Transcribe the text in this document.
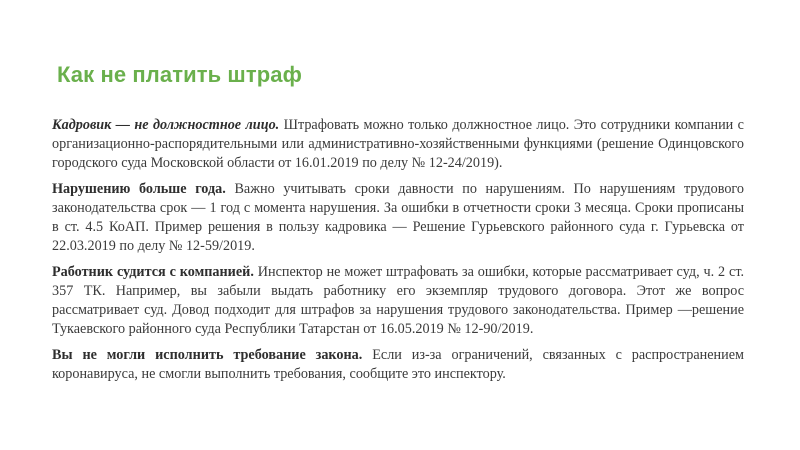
Как не платить штраф

Кадровик — не должностное лицо. Штрафовать можно только должностное лицо. Это сотрудники компании с организационно-распорядительными или административно-хозяйственными функциями (решение Одинцовского городского суда Московской области от 16.01.2019 по делу № 12-24/2019).

Нарушению больше года. Важно учитывать сроки давности по нарушениям. По нарушениям трудового законодательства срок — 1 год с момента нарушения. За ошибки в отчетности сроки 3 месяца. Сроки прописаны в ст. 4.5 КоАП. Пример решения в пользу кадровика — Решение Гурьевского районного суда г. Гурьевска от 22.03.2019 по делу № 12-59/2019.

Работник судится с компанией. Инспектор не может штрафовать за ошибки, которые рассматривает суд, ч. 2 ст. 357 ТК. Например, вы забыли выдать работнику его экземпляр трудового договора. Этот же вопрос рассматривает суд. Довод подходит для штрафов за нарушения трудового законодательства. Пример —решение Тукаевского районного суда Республики Татарстан от 16.05.2019 № 12-90/2019.

Вы не могли исполнить требование закона. Если из-за ограничений, связанных с распространением коронавируса, не смогли выполнить требования, сообщите это инспектору.
